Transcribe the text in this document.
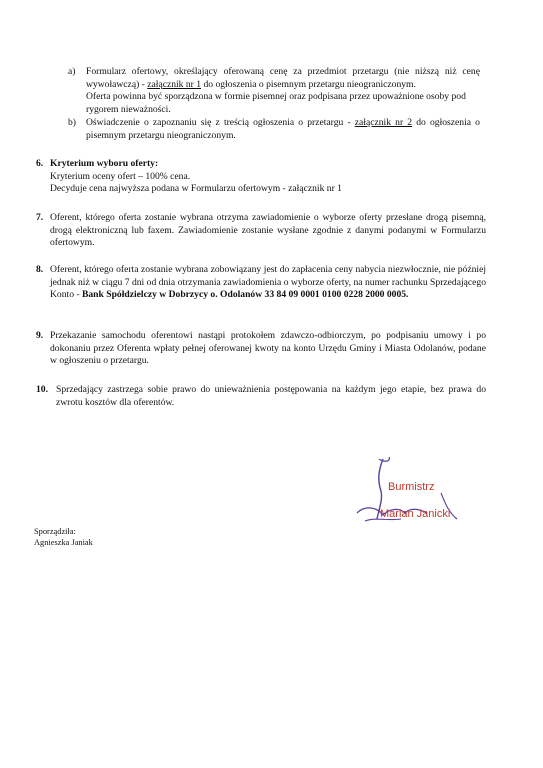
a) Formularz ofertowy, określający oferowaną cenę za przedmiot przetargu (nie niższą niż cenę wywoławczą) - załącznik nr 1 do ogłoszenia o pisemnym przetargu nieograniczonym.

Oferta powinna być sporządzona w formie pisemnej oraz podpisana przez upoważnione osoby pod
rygorem nieważności.

b) Oświadczenie o zapoznaniu się z treścią ogłoszenia o przetargu - załącznik nr 2 do ogłoszenia o pisemnym przetargu nieograniczonym.

6. Kryterium wyboru oferty:
Kryterium oceny ofert – 100% cena.
Decyduje cena najwyższa podana w Formularzu ofertowym - załącznik nr 1
7. Oferent, którego oferta zostanie wybrana otrzyma zawiadomienie o wyborze oferty przesłane drogą pisemną, drogą elektroniczną lub faxem. Zawiadomienie zostanie wysłane zgodnie z danymi podanymi w Formularzu ofertowym.

8. Oferent, którego oferta zostanie wybrana zobowiązany jest do zapłacenia ceny nabycia niezwłocznie, nie później jednak niż w ciągu 7 dni od dnia otrzymania zawiadomienia o wyborze oferty, na numer rachunku Sprzedającego Konto - Bank Spółdzielczy w Dobrzycy o. Odolanów 33 84 09 0001 0100 0228 2000 0005.

9. Przekazanie samochodu oferentowi nastąpi protokołem zdawczo-odbiorczym, po podpisaniu umowy i po dokonaniu przez Oferenta wpłaty pełnej oferowanej kwoty na konto Urzędu Gminy i Miasta Odolanów, podane w ogłoszeniu o przetargu.

10. Sprzedający zastrzega sobie prawo do unieważnienia postępowania na każdym jego etapie, bez prawa do zwrotu kosztów dla oferentów.

Burmistrz
Marian Janicki
Sporządziła:
Agnieszka Janiak
